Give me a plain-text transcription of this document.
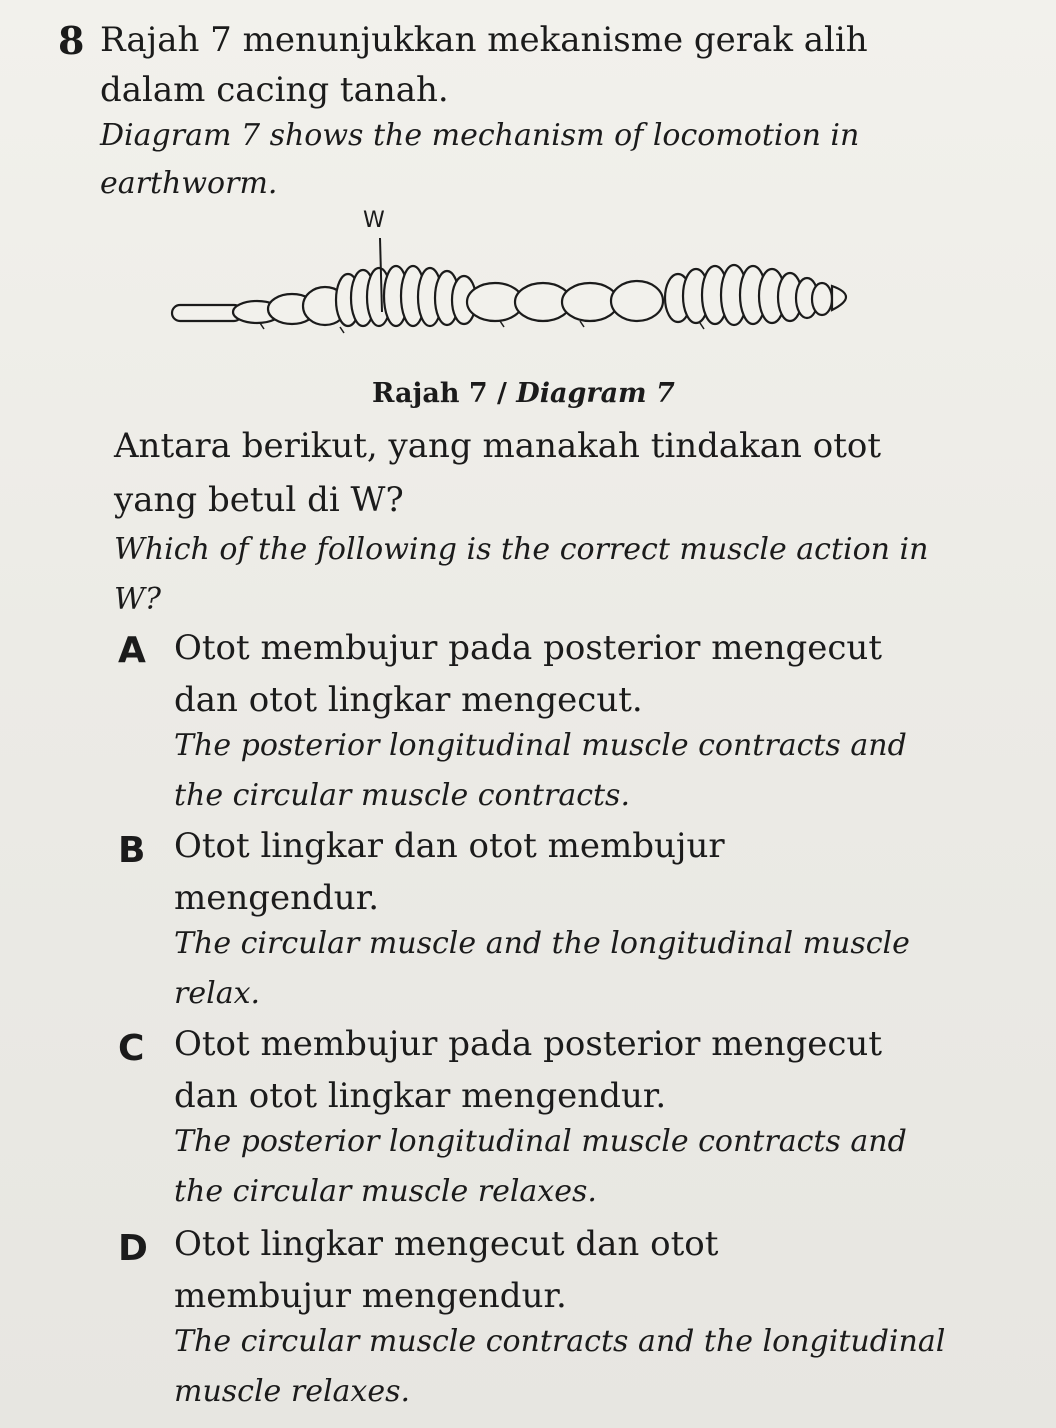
8 Rajah 7 menunjukkan mekanisme gerak alih

dalam cacing tanah.

Diagram 7 shows the mechanism of locomotion in

earthworm.

W
Rajah 7 / Diagram 7

Antara berikut, yang manakah tindakan otot

yang betul di W?

Which of the following is the correct muscle action in

W?

A Otot membujur pada posterior mengecut

dan otot lingkar mengecut.

The posterior longitudinal muscle contracts and

the circular muscle contracts.

B Otot lingkar dan otot membujur

mengendur.

The circular muscle and the longitudinal muscle

relax.

C Otot membujur pada posterior mengecut

dan otot lingkar mengendur.

The posterior longitudinal muscle contracts and

the circular muscle relaxes.

D Otot lingkar mengecut dan otot

membujur mengendur.

The circular muscle contracts and the longitudinal

muscle relaxes.
